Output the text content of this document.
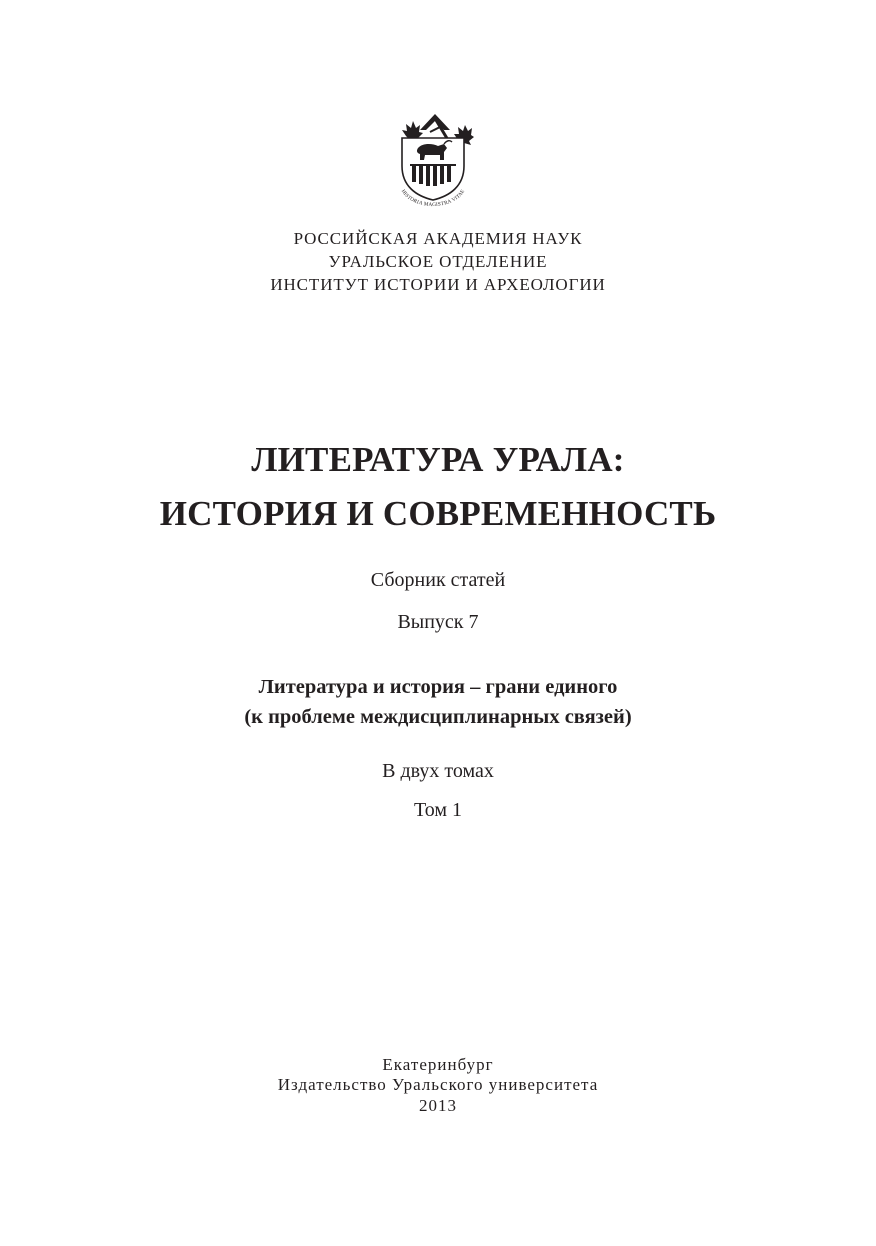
HISTORIA MAGISTRA VITAE
РОССИЙСКАЯ АКАДЕМИЯ НАУК
УРАЛЬСКОЕ ОТДЕЛЕНИЕ
ИНСТИТУТ ИСТОРИИ И АРХЕОЛОГИИ
ЛИТЕРАТУРА УРАЛА:
ИСТОРИЯ И СОВРЕМЕННОСТЬ
Сборник статей
Выпуск 7
Литература и история – грани единого
(к проблеме междисциплинарных связей)
В двух томах
Том 1
Екатеринбург
Издательство Уральского университета
2013
